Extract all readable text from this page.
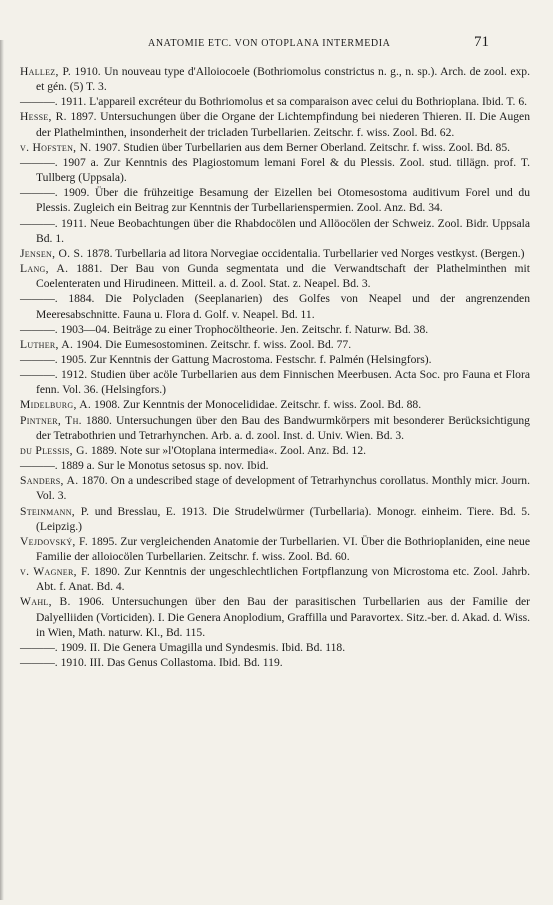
ANATOMIE ETC. VON OTOPLANA INTERMEDIA	71

Hallez, P. 1910. Un nouveau type d'Alloiocoele (Bothriomolus constrictus n. g., n. sp.). Arch. de zool. exp. et gén. (5) T. 3.

———. 1911. L'appareil excréteur du Bothriomolus et sa comparaison avec celui du Bothrioplana. Ibid. T. 6.

Hesse, R. 1897. Untersuchungen über die Organe der Lichtempfindung bei niederen Thieren. II. Die Augen der Plathelminthen, insonderheit der tricladen Turbellarien. Zeitschr. f. wiss. Zool. Bd. 62.

v. Hofsten, N. 1907. Studien über Turbellarien aus dem Berner Oberland. Zeitschr. f. wiss. Zool. Bd. 85.

———. 1907 a. Zur Kenntnis des Plagiostomum lemani Forel & du Plessis. Zool. stud. tillägn. prof. T. Tullberg (Uppsala).

———. 1909. Über die frühzeitige Besamung der Eizellen bei Otomesostoma auditivum Forel und du Plessis. Zugleich ein Beitrag zur Kenntnis der Turbellarienspermien. Zool. Anz. Bd. 34.

———. 1911. Neue Beobachtungen über die Rhabdocölen und Allöocölen der Schweiz. Zool. Bidr. Uppsala Bd. 1.

Jensen, O. S. 1878. Turbellaria ad litora Norvegiae occidentalia. Turbellarier ved Norges vestkyst. (Bergen.)

Lang, A. 1881. Der Bau von Gunda segmentata und die Verwandtschaft der Plathelminthen mit Coelenteraten und Hirudineen. Mitteil. a. d. Zool. Stat. z. Neapel. Bd. 3.

———. 1884. Die Polycladen (Seeplanarien) des Golfes von Neapel und der angrenzenden Meeresabschnitte. Fauna u. Flora d. Golf. v. Neapel. Bd. 11.

———. 1903—04. Beiträge zu einer Trophocöltheorie. Jen. Zeitschr. f. Naturw. Bd. 38.

Luther, A. 1904. Die Eumesostominen. Zeitschr. f. wiss. Zool. Bd. 77.

———. 1905. Zur Kenntnis der Gattung Macrostoma. Festschr. f. Palmén (Helsingfors).

———. 1912. Studien über acöle Turbellarien aus dem Finnischen Meerbusen. Acta Soc. pro Fauna et Flora fenn. Vol. 36. (Helsingfors.)

Midelburg, A. 1908. Zur Kenntnis der Monocelididae. Zeitschr. f. wiss. Zool. Bd. 88.

Pintner, Th. 1880. Untersuchungen über den Bau des Bandwurmkörpers mit besonderer Berücksichtigung der Tetrabothrien und Tetrarhynchen. Arb. a. d. zool. Inst. d. Univ. Wien. Bd. 3.

du Plessis, G. 1889. Note sur »l'Otoplana intermedia«. Zool. Anz. Bd. 12.

———. 1889 a. Sur le Monotus setosus sp. nov. Ibid.

Sanders, A. 1870. On a undescribed stage of development of Tetrarhynchus corollatus. Monthly micr. Journ. Vol. 3.

Steinmann, P. und Bresslau, E. 1913. Die Strudelwürmer (Turbellaria). Monogr. einheim. Tiere. Bd. 5. (Leipzig.)

Vejdovský, F. 1895. Zur vergleichenden Anatomie der Turbellarien. VI. Über die Bothrioplaniden, eine neue Familie der alloiocölen Turbellarien. Zeitschr. f. wiss. Zool. Bd. 60.

v. Wagner, F. 1890. Zur Kenntnis der ungeschlechtlichen Fortpflanzung von Microstoma etc. Zool. Jahrb. Abt. f. Anat. Bd. 4.

Wahl, B. 1906. Untersuchungen über den Bau der parasitischen Turbellarien aus der Familie der Dalyelliiden (Vorticiden). I. Die Genera Anoplodium, Graffilla und Paravortex. Sitz.-ber. d. Akad. d. Wiss. in Wien, Math. naturw. Kl., Bd. 115.

———. 1909. II. Die Genera Umagilla und Syndesmis. Ibid. Bd. 118.

———. 1910. III. Das Genus Collastoma. Ibid. Bd. 119.
